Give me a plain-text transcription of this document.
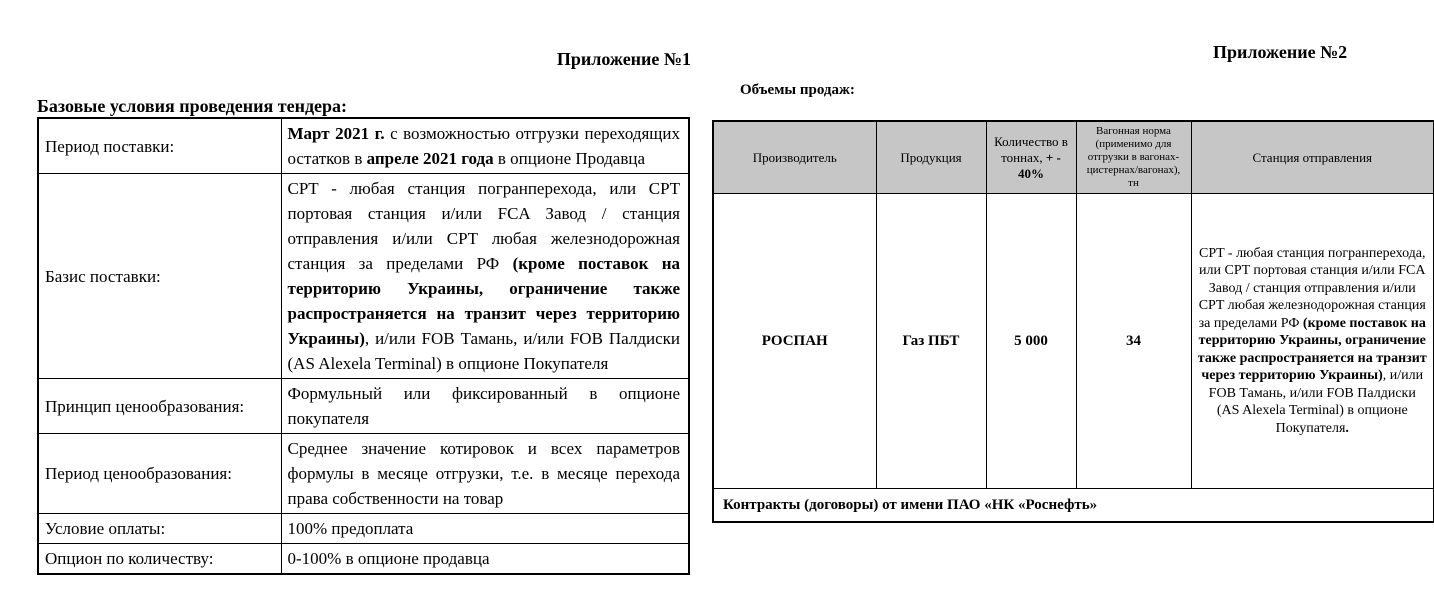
Приложение №1
Базовые условия проведения тендера:
Период поставки:	Март 2021 г. с возможностью отгрузки переходящих остатков в апреле 2021 года в опционе Продавца
Базис поставки:	CPT - любая станция погранперехода, или CPT портовая станция и/или FCA Завод / станция отправления и/или CPT любая железнодорожная станция за пределами РФ (кроме поставок на территорию Украины, ограничение также распространяется на транзит через территорию Украины), и/или FOB Тамань, и/или FOB Палдиски (AS Alexela Terminal) в опционе Покупателя
Принцип ценообразования:	Формульный или фиксированный в опционе покупателя
Период ценообразования:	Среднее значение котировок и всех параметров формулы в месяце отгрузки, т.е. в месяце перехода права собственности на товар
Условие оплаты:	100% предоплата
Опцион по количеству:	0-100% в опционе продавца
Приложение №2
Объемы продаж:
Производитель	Продукция	Количество в тоннах, + - 40%	Вагонная норма (применимо для отгрузки в вагонах-цистернах/вагонах), тн	Станция отправления
РОСПАН	Газ ПБТ	5 000	34	CPT - любая станция погранперехода, или CPT портовая станция и/или FCA Завод / станция отправления и/или CPT любая железнодорожная станция за пределами РФ (кроме поставок на территорию Украины, ограничение также распространяется на транзит через территорию Украины), и/или FOB Тамань, и/или FOB Палдиски (AS Alexela Terminal) в опционе Покупателя.
Контракты (договоры) от имени ПАО «НК «Роснефть»				
